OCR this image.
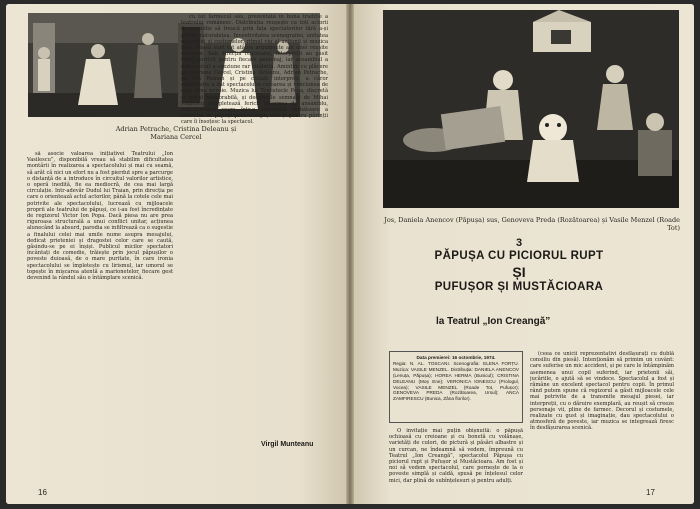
Adrian Petrache, Cristina Deleanu și Mariana Cercel

să asocie valoarea inițiativei Teatrului „Ion Vasilescu”, disponibilă vreau să stabilim dificultatea montării în realizarea a spectacolului și mai cu seamă, să arăt că nici un efort nu a fost pierdut spre a parcurge o distanță de a introduce în circuitul valorilor artistice, o operă inedită, fie ea mediocră, de cea mai largă circulație. Intr-adevăr Dudul lui Traian, prin direcția pe care o orientează actul actorilor, până la cotele cele mai potrivite ale spectacolului, lucrează cu mijloacele proprii ale teatrului de păpuși, ce i-au fost încredințate de regizorul Victor Ion Popa. Dacă piesa nu are prea riguroasa structurală a unui conflict unitar, acțiunea alunecând la absurd, parodia se infiltrează ca o sugestie a finalului celei mai umile nume asupra mesajului, dedicat prieteniei și dragostei celor care se caută, găsindu-se pe ei înșiși. Publicul micilor spectatori încântați de comedie, trăiește prin jocul păpușilor o poveste duioasă, de o mare puritate, în care ironia spectacolului se împletește cu lirismul, iar umorul se topește în mișcarea atentă a marionetelor, fiecare gest devenind la rândul său o întâmplare scenică.

cu tot farmecul său, prezentată în buna tradiție a teatrului românesc. Distribuția reușește ca toți actorii de comedie să treacă prin fața spectatorilor fără a-și pierde naturalețea. Inventivitatea scenografiei, unitatea decorului și costumelor, ritmul viu al acțiunii și muzica bine aleasă sunt tot atâtea argumente ale unei reușite meritate. Sub direcția regizoarei, interpreții au găsit tonul potrivit pentru fiecare personaj, iar ansamblul a demonstrat o coeziune rar întâlnită. Amintim cu plăcere pe Mariana Cercel, Cristina Deleanu, Adrian Petrache, pe Ion Roman și pe ceilalți interpreți, a căror contribuție a dat spectacolului culoarea și vioiciunea de care avea nevoie. Muzica lui Temistocle Popa, discretă și totuși memorabilă, și decorurile semnate de Mihai Mădescu completează fericit imaginea de ansamblu, transformând seara într-o adevărată sărbătoare a teatrului de păpuși pentru copii, dar și pentru părinții care îi însoțesc la spectacol.

Virgil Munteanu
16
Jos, Daniela Anencov (Păpușa) sus, Genoveva Preda (Rozătoarea) și Vasile Menzel (Roade Tot)
3
PĂPUȘA CU PICIORUL RUPT
ȘI
PUFUȘOR ȘI MUSTĂCIOARA
la Teatrul „Ion Creangă”
Data premierei: 16 octombrie, 1974.
Regia: N. AL. TOSCANI. Scenografia: ELENA FORȚU. Muzica: VASILE MENZEL. Distribuția: DANIELA ANENCOV (Lenuța, Păpușa); HOREA HERMA (Bunicul); CRISTINA DELEANU (Moș Ene); VERONICA IONESCU (Prologul, Vocea); VASILE MENZEL (Roade Tot, Pufușor); GENOVEVA PREDA (Rozătoarea, Ursul); ANCA ZAMFIRESCU (Bunica, Zâna florilor).

O invitație mai puțin obișnuită: o păpușă ochioasă cu creioane și cu bonetă cu volănașe, varietăți de culori, de pictură și păsări albastre și un curcan, ne îndeamnă să vedem, împreună cu Teatrul „Ion Creangă”, spectacolul Păpușa cu piciorul rupt și Pufușor și Mustăcioara. Am fost și noi să vedem spectacolul, care pornește de la o poveste simplă și caldă, spusă pe înțelesul celor mici, dar plină de subînțelesuri și pentru adulți.

(ceea ce unicii reprezentativi desfășurați cu dublă consiliu din piesă). Intenționăm să primim un cuvânt: care suferise un mic accident, și pe care le întâmpinăm asemenea unui copil suferind, iar prietenii săi, jucăriile, o ajută să se vindece. Spectacolul a fost și rămâne un excelent spectacol pentru copii. În primul rând putem spune că regizorul a găsit mijloacele cele mai potrivite de a transmite mesajul piesei, iar interpreții, cu o dăruire exemplară, au reușit să creeze personaje vii, pline de farmec. Decorul și costumele, realizate cu gust și imaginație, dau spectacolului o atmosferă de poveste, iar muzica se integrează firesc în desfășurarea scenică.

17
